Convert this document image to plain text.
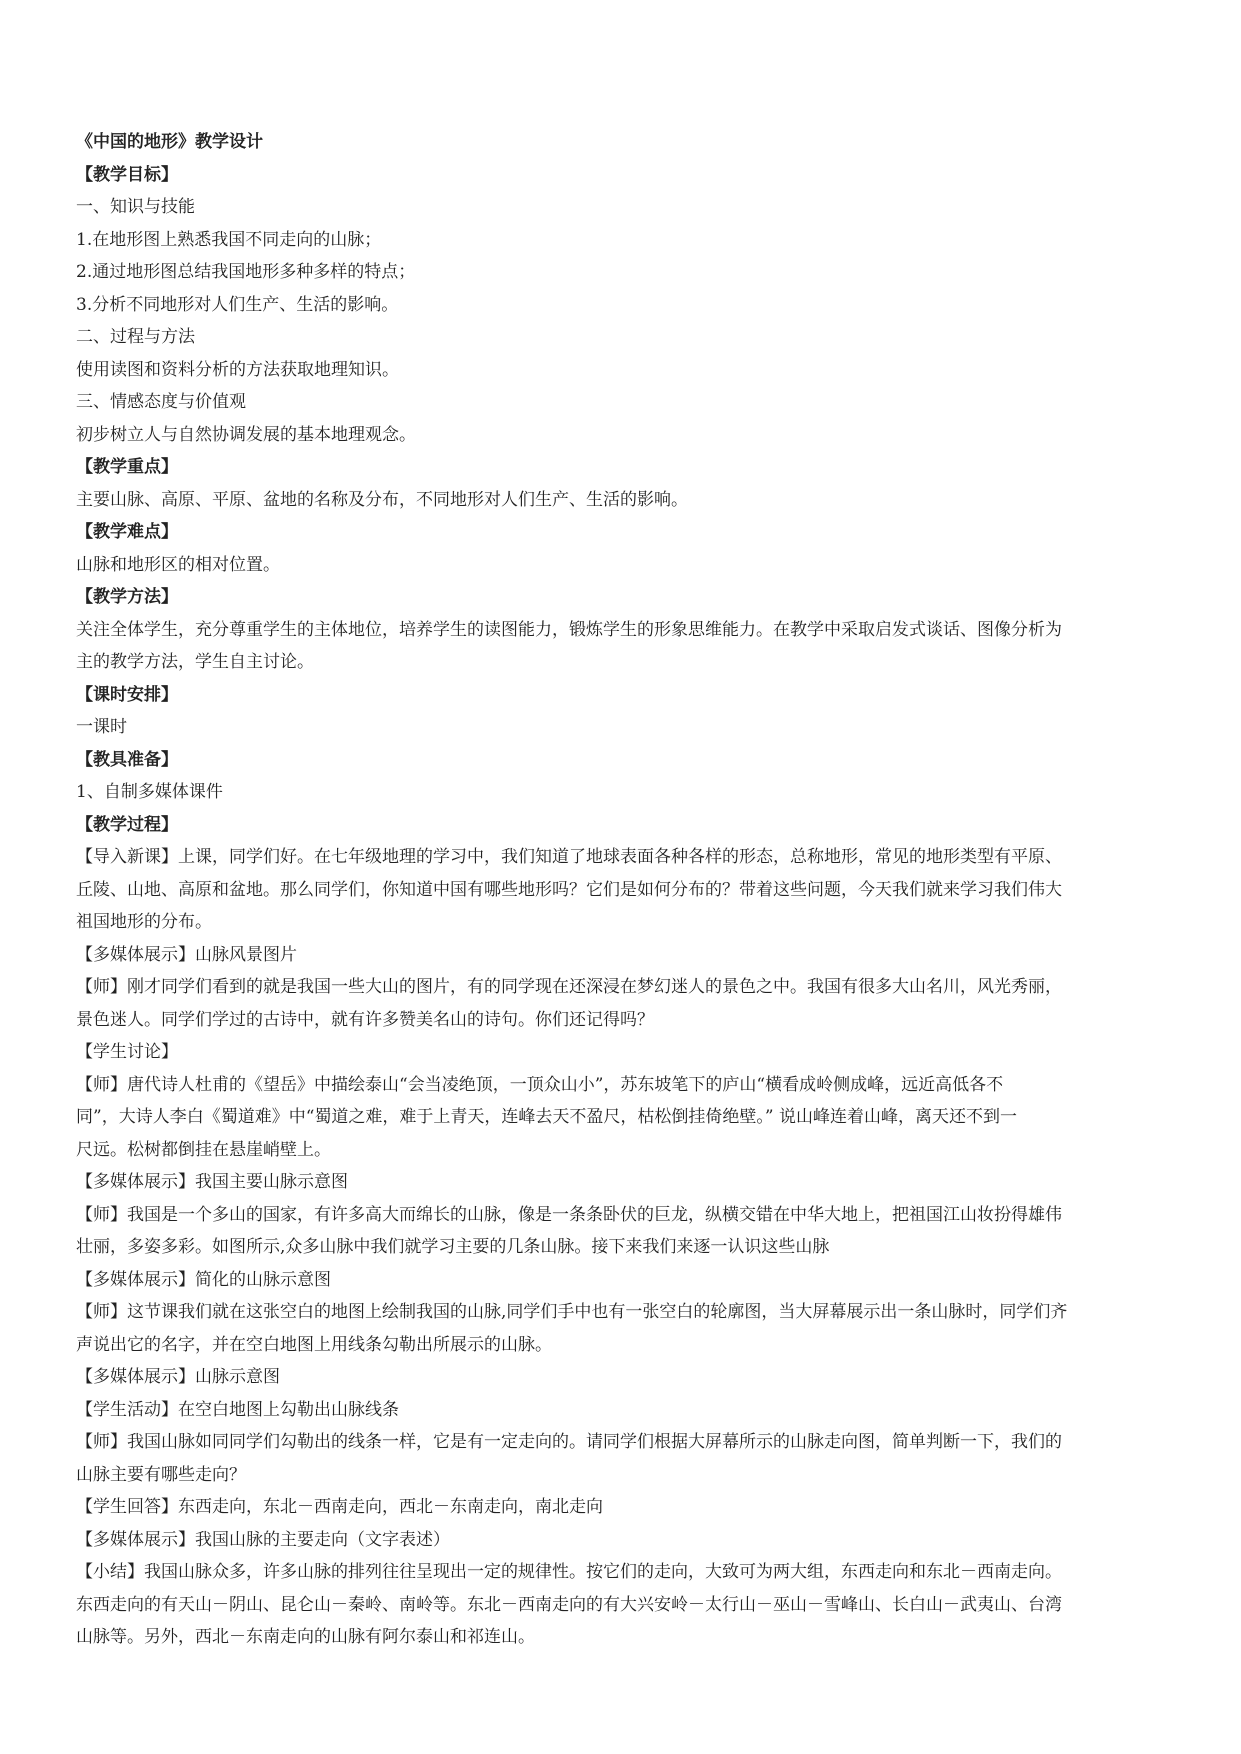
《中国的地形》教学设计

【教学目标】

一、知识与技能

1.在地形图上熟悉我国不同走向的山脉；

2.通过地形图总结我国地形多种多样的特点；

3.分析不同地形对人们生产、生活的影响。

二、过程与方法

使用读图和资料分析的方法获取地理知识。

三、情感态度与价值观

初步树立人与自然协调发展的基本地理观念。

【教学重点】

主要山脉、高原、平原、盆地的名称及分布，不同地形对人们生产、生活的影响。

【教学难点】

山脉和地形区的相对位置。

【教学方法】

关注全体学生，充分尊重学生的主体地位，培养学生的读图能力，锻炼学生的形象思维能力。在教学中采取启发式谈话、图像分析为

主的教学方法，学生自主讨论。

【课时安排】

一课时

【教具准备】

1、自制多媒体课件

【教学过程】

【导入新课】上课，同学们好。在七年级地理的学习中，我们知道了地球表面各种各样的形态，总称地形，常见的地形类型有平原、

丘陵、山地、高原和盆地。那么同学们，你知道中国有哪些地形吗？它们是如何分布的？带着这些问题，今天我们就来学习我们伟大

祖国地形的分布。

【多媒体展示】山脉风景图片

【师】刚才同学们看到的就是我国一些大山的图片，有的同学现在还深浸在梦幻迷人的景色之中。我国有很多大山名川，风光秀丽，

景色迷人。同学们学过的古诗中，就有许多赞美名山的诗句。你们还记得吗？

【学生讨论】

【师】唐代诗人杜甫的《望岳》中描绘泰山“会当凌绝顶，一顶众山小”，苏东坡笔下的庐山“横看成岭侧成峰，远近高低各不

同”，大诗人李白《蜀道难》中“蜀道之难，难于上青天，连峰去天不盈尺，枯松倒挂倚绝壁。” 说山峰连着山峰，离天还不到一

尺远。松树都倒挂在悬崖峭壁上。

【多媒体展示】我国主要山脉示意图

【师】我国是一个多山的国家，有许多高大而绵长的山脉，像是一条条卧伏的巨龙，纵横交错在中华大地上，把祖国江山妆扮得雄伟

壮丽，多姿多彩。如图所示,众多山脉中我们就学习主要的几条山脉。接下来我们来逐一认识这些山脉

【多媒体展示】简化的山脉示意图

【师】这节课我们就在这张空白的地图上绘制我国的山脉,同学们手中也有一张空白的轮廓图，当大屏幕展示出一条山脉时，同学们齐

声说出它的名字，并在空白地图上用线条勾勒出所展示的山脉。

【多媒体展示】山脉示意图

【学生活动】在空白地图上勾勒出山脉线条

【师】我国山脉如同同学们勾勒出的线条一样，它是有一定走向的。请同学们根据大屏幕所示的山脉走向图，简单判断一下，我们的

山脉主要有哪些走向？

【学生回答】东西走向，东北－西南走向，西北－东南走向，南北走向

【多媒体展示】我国山脉的主要走向（文字表述）

【小结】我国山脉众多，许多山脉的排列往往呈现出一定的规律性。按它们的走向，大致可为两大组，东西走向和东北－西南走向。

东西走向的有天山－阴山、昆仑山－秦岭、南岭等。东北－西南走向的有大兴安岭－太行山－巫山－雪峰山、长白山－武夷山、台湾

山脉等。另外，西北－东南走向的山脉有阿尔泰山和祁连山。
